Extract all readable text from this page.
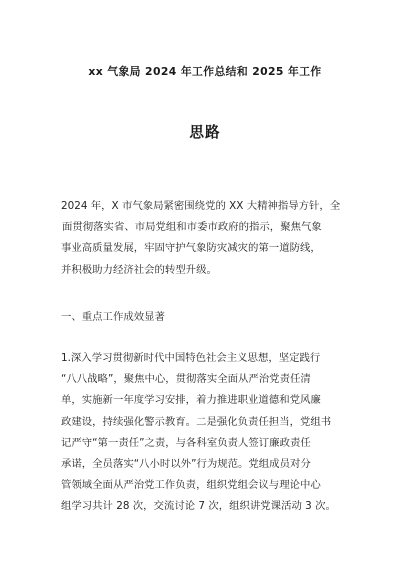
xx 气象局 2024 年工作总结和 2025 年工作
思路
2024 年，X 市气象局紧密围绕党的 XX 大精神指导方针，全
面贯彻落实省、市局党组和市委市政府的指示，聚焦气象
事业高质量发展，牢固守护气象防灾减灾的第一道防线，
并积极助力经济社会的转型升级。
一、重点工作成效显著
1.深入学习贯彻新时代中国特色社会主义思想，坚定践行
“八八战略”，聚焦中心，贯彻落实全面从严治党责任清
单，实施新一年度学习安排，着力推进职业道德和党风廉
政建设，持续强化警示教育。二是强化负责任担当，党组书
记严守“第一责任”之责，与各科室负责人签订廉政责任
承诺，全员落实“八小时以外”行为规范。党组成员对分
管领域全面从严治党工作负责，组织党组会议与理论中心
组学习共计 28 次，交流讨论 7 次，组织讲党课活动 3 次。
